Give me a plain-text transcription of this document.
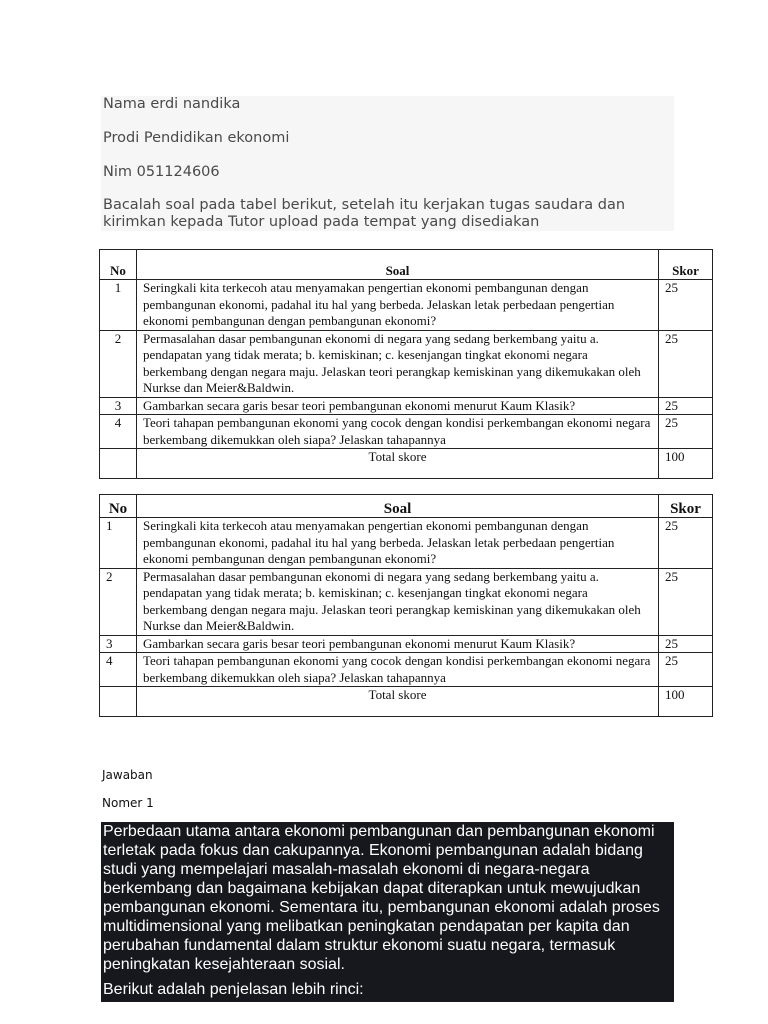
Nama erdi nandika
Prodi Pendidikan ekonomi
Nim 051124606
Bacalah soal pada tabel berikut, setelah itu kerjakan tugas saudara dan kirimkan kepada Tutor upload pada tempat yang disediakan
No	Soal	Skor
1	Seringkali kita terkecoh atau menyamakan pengertian ekonomi pembangunan dengan pembangunan ekonomi, padahal itu hal yang berbeda. Jelaskan letak perbedaan pengertian ekonomi pembangunan dengan pembangunan ekonomi?	25
2	Permasalahan dasar pembangunan ekonomi di negara yang sedang berkembang yaitu a. pendapatan yang tidak merata; b. kemiskinan; c. kesenjangan tingkat ekonomi negara berkembang dengan negara maju. Jelaskan teori perangkap kemiskinan yang dikemukakan oleh Nurkse dan Meier&Baldwin.	25
3	Gambarkan secara garis besar teori pembangunan ekonomi menurut Kaum Klasik?	25
4	Teori tahapan pembangunan ekonomi yang cocok dengan kondisi perkembangan ekonomi negara berkembang dikemukkan oleh siapa? Jelaskan tahapannya	25
	Total skore	100
No	Soal	Skor
1	Seringkali kita terkecoh atau menyamakan pengertian ekonomi pembangunan dengan pembangunan ekonomi, padahal itu hal yang berbeda. Jelaskan letak perbedaan pengertian ekonomi pembangunan dengan pembangunan ekonomi?	25
2	Permasalahan dasar pembangunan ekonomi di negara yang sedang berkembang yaitu a. pendapatan yang tidak merata; b. kemiskinan; c. kesenjangan tingkat ekonomi negara berkembang dengan negara maju. Jelaskan teori perangkap kemiskinan yang dikemukakan oleh Nurkse dan Meier&Baldwin.	25
3	Gambarkan secara garis besar teori pembangunan ekonomi menurut Kaum Klasik?	25
4	Teori tahapan pembangunan ekonomi yang cocok dengan kondisi perkembangan ekonomi negara berkembang dikemukkan oleh siapa? Jelaskan tahapannya	25
	Total skore	100
Jawaban
Nomer 1

Perbedaan utama antara ekonomi pembangunan dan pembangunan ekonomi terletak pada fokus dan cakupannya. Ekonomi pembangunan adalah bidang studi yang mempelajari masalah-masalah ekonomi di negara-negara berkembang dan bagaimana kebijakan dapat diterapkan untuk mewujudkan pembangunan ekonomi. Sementara itu, pembangunan ekonomi adalah proses multidimensional yang melibatkan peningkatan pendapatan per kapita dan perubahan fundamental dalam struktur ekonomi suatu negara, termasuk peningkatan kesejahteraan sosial.

Berikut adalah penjelasan lebih rinci:
